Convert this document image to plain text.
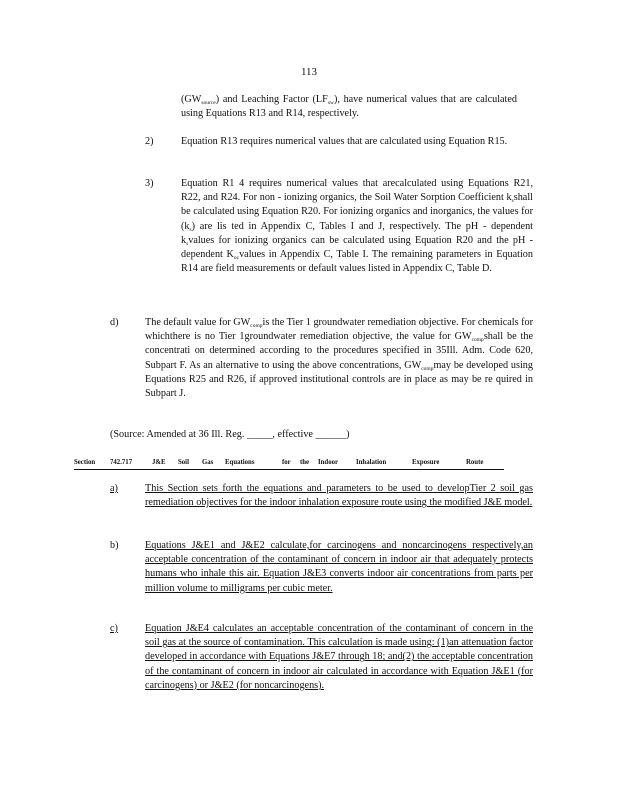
113
$(GW_{source})$ and Leaching Factor $(LF_{sw})$, have numerical values that are calculated using Equations R13 and R14, respectively.
2)	Equation R13 requires numerical values that are calculated using Equation R15.
3)	Equation R1 4 requires numerical values that arecalculated using Equations R21, R22, and R24. For non - ionizing organics, the Soil Water Sorption Coefficient $k_sshall$ be calculated using Equation R20. For ionizing organics and inorganics, the values for $(k_s)$ are lis ted in Appendix C, Tables I and J, respectively. The pH - dependent $k_svalues$ for ionizing organics can be calculated using Equation R20 and the pH - dependent $K_{oc}values$ in Appendix C, Table I. The remaining parameters in Equation R14 are field measurements or default values listed in Appendix C, Table D.
d)	The default value for $GW_{comp}is$ the Tier 1 groundwater remediation objective. For chemicals for whichthere is no Tier 1groundwater remediation objective, the value for $GW_{comp}shall$ be the concentrati on determined according to the procedures specified in 35Ill. Adm. Code 620, Subpart F. As an alternative to using the above concentrations, $GW_{comp}may$ be developed using Equations R25 and R26, if approved institutional controls are in place as may be re quired in Subpart J.
(Source: Amended at 36 Ill. Reg. _____, effective ______)
Section 742.717	J&E Soil Gas Equations	for the Indoor	Inhalation	Exposure	Route
a)	This Section sets forth the equations and parameters to be used to developTier 2 soil gas remediation objectives for the indoor inhalation exposure route using the modified J&E model.
b)	Equations J&E1 and J&E2 calculate,for carcinogens and noncarcinogens respectively,an acceptable concentration of the contaminant of concern in indoor air that adequately protects humans who inhale this air. Equation J&E3 converts indoor air concentrations from parts per million volume to milligrams per cubic meter.
c)	Equation J&E4 calculates an acceptable concentration of the contaminant of concern in the soil gas at the source of contamination. This calculation is made using: (1)an attenuation factor developed in accordance with Equations J&E7 through 18; and(2) the acceptable concentration of the contaminant of concern in indoor air calculated in accordance with Equation J&E1 (for carcinogens) or J&E2 (for noncarcinogens).
